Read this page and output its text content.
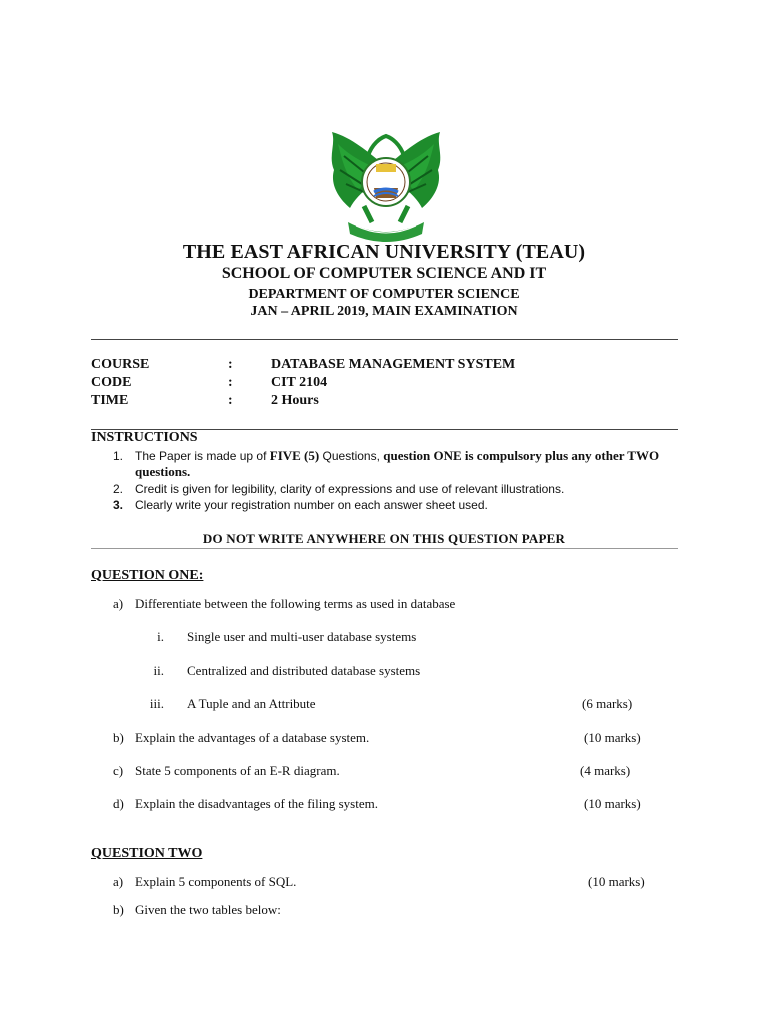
THE EAST AFRICAN UNIVERSITY (TEAU)
SCHOOL OF COMPUTER SCIENCE AND IT
DEPARTMENT OF COMPUTER SCIENCE
JAN – APRIL 2019, MAIN EXAMINATION
COURSE	:	DATABASE MANAGEMENT SYSTEM
CODE	:	CIT 2104
TIME	:	2 Hours
INSTRUCTIONS
1. The Paper is made up of FIVE (5) Questions, question ONE is compulsory plus any other TWO questions.
2. Credit is given for legibility, clarity of expressions and use of relevant illustrations.
3. Clearly write your registration number on each answer sheet used.
DO NOT WRITE ANYWHERE ON THIS QUESTION PAPER
QUESTION ONE:
a) Differentiate between the following terms as used in database
i. Single user and multi-user database systems
ii. Centralized and distributed database systems
iii. A Tuple and an Attribute	(6 marks)
b) Explain the advantages of a database system.	(10 marks)
c) State 5 components of an E-R diagram.	(4 marks)
d) Explain the disadvantages of the filing system.	(10 marks)
QUESTION TWO
a) Explain 5 components of SQL.	(10 marks)
b) Given the two tables below:
